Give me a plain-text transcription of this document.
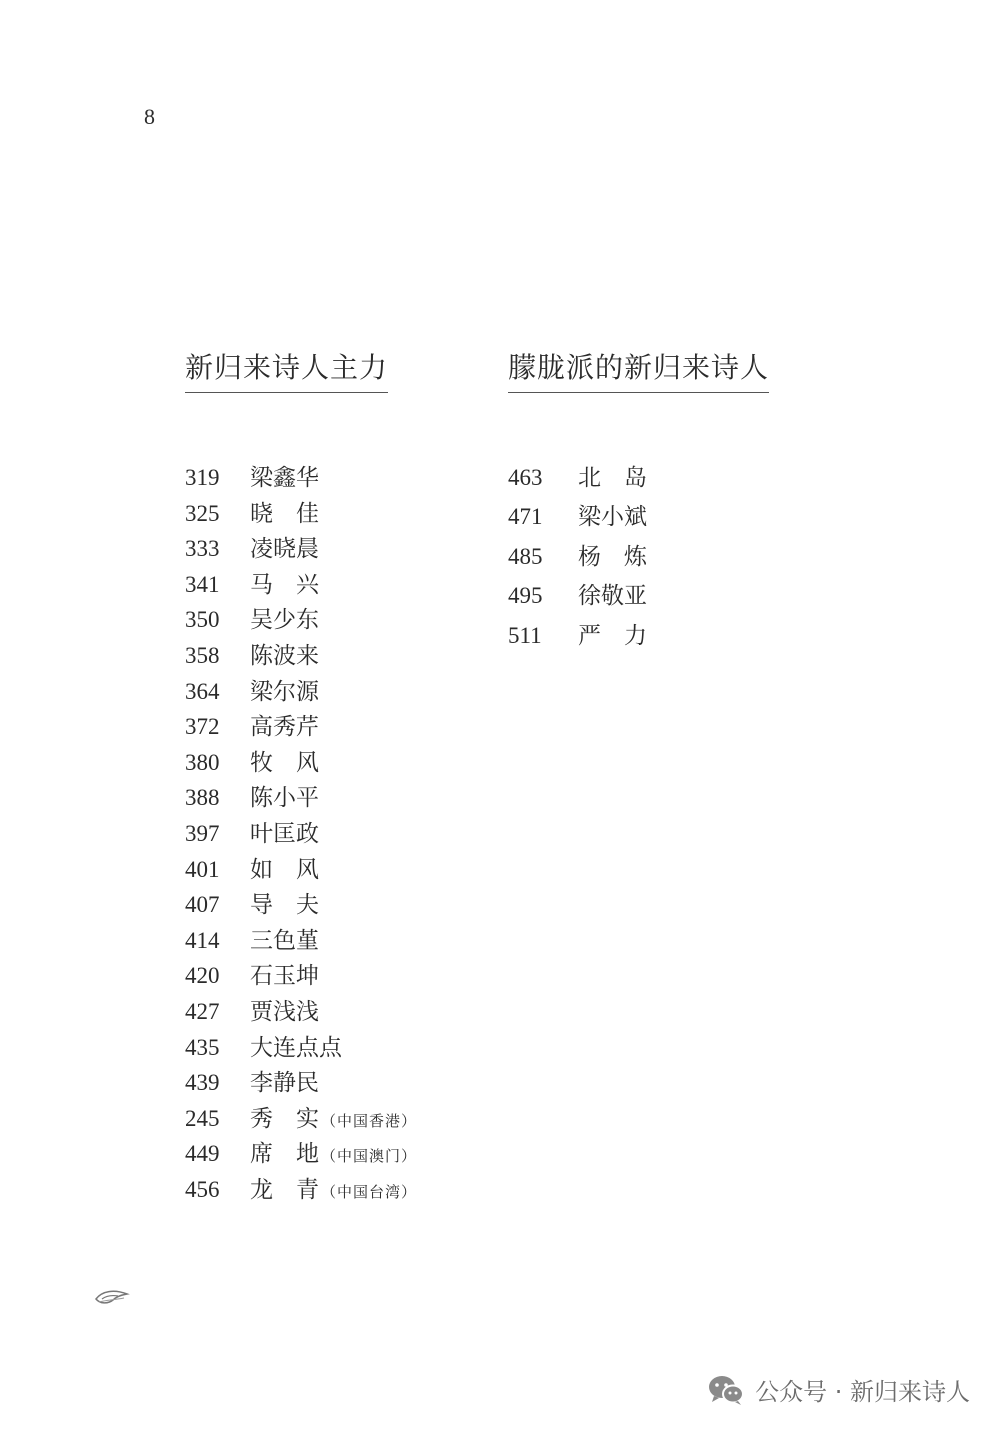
8
新归来诗人主力
319	梁鑫华
325	晓　佳
333	凌晓晨
341	马　兴
350	吴少东
358	陈波来
364	梁尔源
372	高秀芹
380	牧　风
388	陈小平
397	叶匡政
401	如　风
407	导　夫
414	三色堇
420	石玉坤
427	贾浅浅
435	大连点点
439	李静民
245	秀　实 （中国香港）
449	席　地 （中国澳门）
456	龙　青 （中国台湾）
朦胧派的新归来诗人
463	北　岛
471	梁小斌
485	杨　炼
495	徐敬亚
511	严　力
公众号 · 新归来诗人
